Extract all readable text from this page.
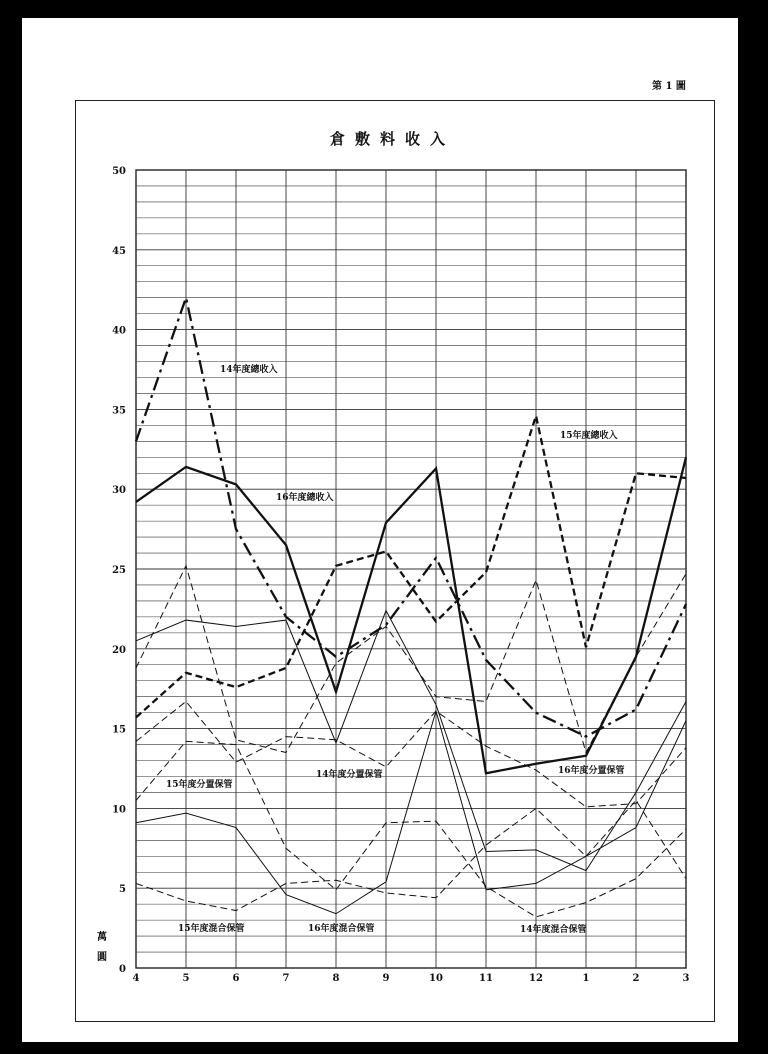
第 1 圖
倉敷料收入
0
5
10
15
20
25
30
35
40
45
50
4	5	6	7	8	9	10	11	12	1	2	3
14年度總收入
15年度總收入
16年度總收入
14年度分置保管
15年度分置保管
16年度分置保管
14年度混合保管
15年度混合保管	16年度混合保管
萬
圓
